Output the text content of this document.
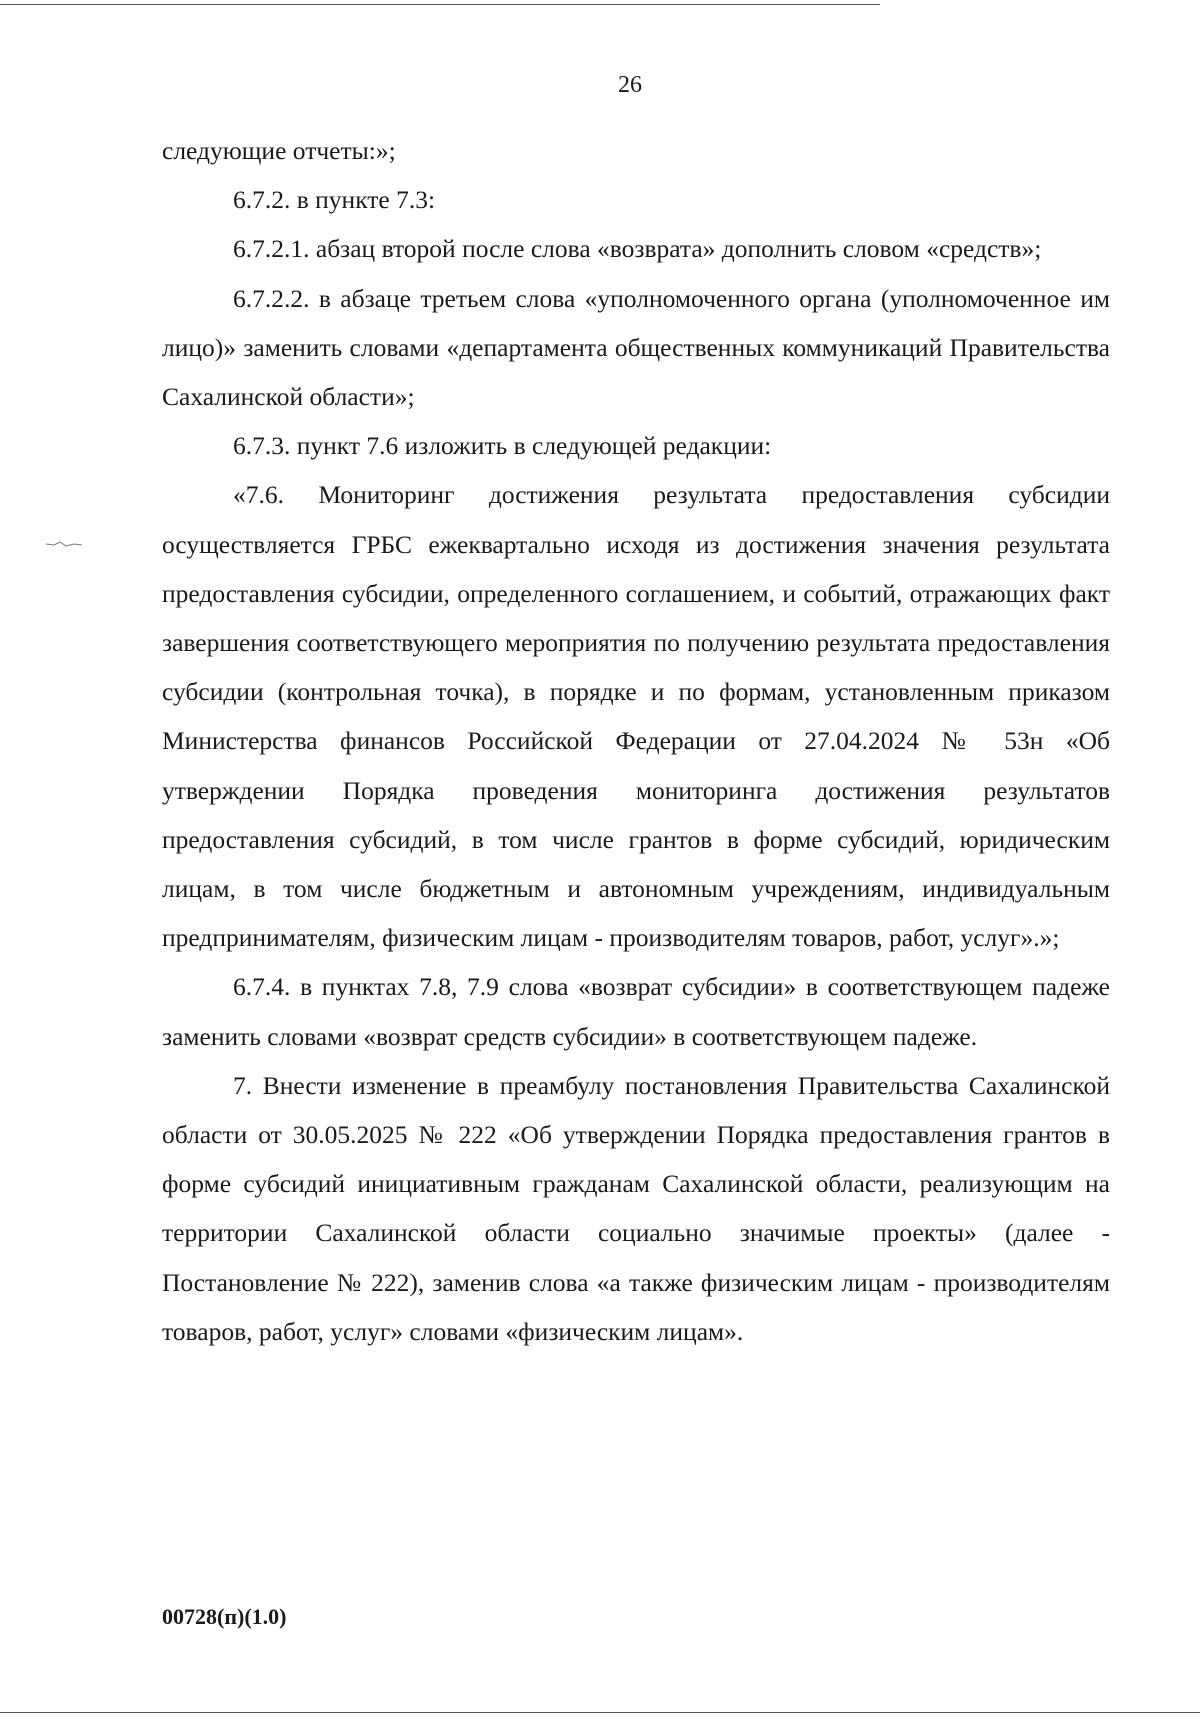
26

следующие отчеты:»;

6.7.2. в пункте 7.3:

6.7.2.1. абзац второй после слова «возврата» дополнить словом «средств»;

6.7.2.2. в абзаце третьем слова «уполномоченного органа (уполномоченное им лицо)» заменить словами «департамента общественных коммуникаций Правительства Сахалинской области»;

6.7.3. пункт 7.6 изложить в следующей редакции:

«7.6. Мониторинг достижения результата предоставления субсидии осуществляется ГРБС ежеквартально исходя из достижения значения результата предоставления субсидии, определенного соглашением, и событий, отражающих факт завершения соответствующего мероприятия по получению результата предоставления субсидии (контрольная точка), в порядке и по формам, установленным приказом Министерства финансов Российской Федерации от 27.04.2024 № 53н «Об утверждении Порядка проведения мониторинга достижения результатов предоставления субсидий, в том числе грантов в форме субсидий, юридическим лицам, в том числе бюджетным и автономным учреждениям, индивидуальным предпринимателям, физическим лицам - производителям товаров, работ, услуг».»;

6.7.4. в пунктах 7.8, 7.9 слова «возврат субсидии» в соответствующем падеже заменить словами «возврат средств субсидии» в соответствующем падеже.

7. Внести изменение в преамбулу постановления Правительства Сахалинской области от 30.05.2025 № 222 «Об утверждении Порядка предоставления грантов в форме субсидий инициативным гражданам Сахалинской области, реализующим на территории Сахалинской области социально значимые проекты» (далее - Постановление № 222), заменив слова «а также физическим лицам - производителям товаров, работ, услуг» словами «физическим лицам».

00728(п)(1.0)
